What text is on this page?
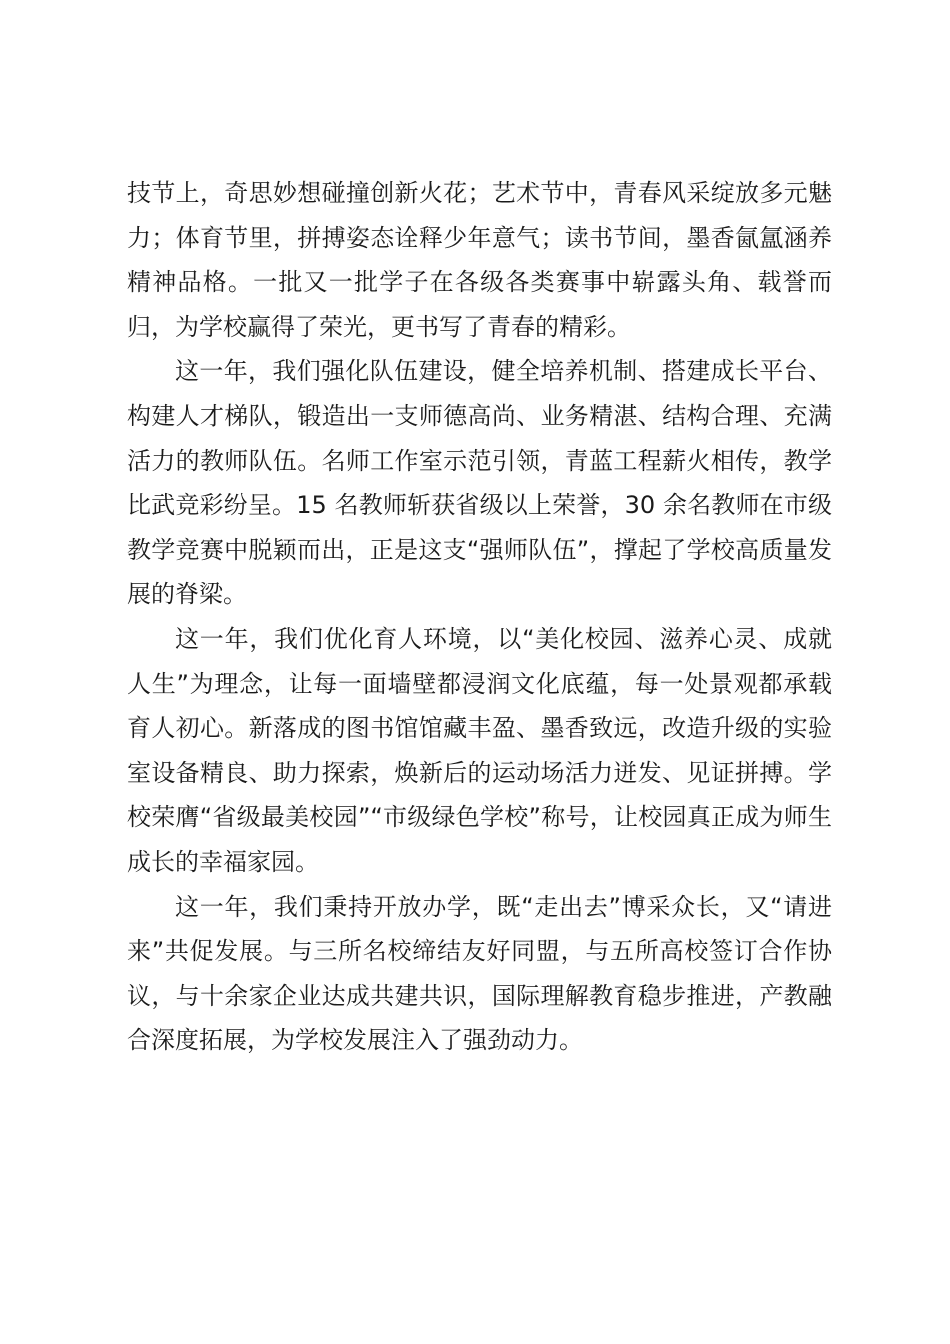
技节上，奇思妙想碰撞创新火花；艺术节中，青春风采绽放多元魅力；体育节里，拼搏姿态诠释少年意气；读书节间，墨香氤氲涵养精神品格。一批又一批学子在各级各类赛事中崭露头角、载誉而归，为学校赢得了荣光，更书写了青春的精彩。

这一年，我们强化队伍建设，健全培养机制、搭建成长平台、构建人才梯队，锻造出一支师德高尚、业务精湛、结构合理、充满活力的教师队伍。名师工作室示范引领，青蓝工程薪火相传，教学比武竞彩纷呈。15 名教师斩获省级以上荣誉，30 余名教师在市级教学竞赛中脱颖而出，正是这支“强师队伍”，撑起了学校高质量发展的脊梁。

这一年，我们优化育人环境，以“美化校园、滋养心灵、成就人生”为理念，让每一面墙壁都浸润文化底蕴，每一处景观都承载育人初心。新落成的图书馆馆藏丰盈、墨香致远，改造升级的实验室设备精良、助力探索，焕新后的运动场活力迸发、见证拼搏。学校荣膺“省级最美校园”“市级绿色学校”称号，让校园真正成为师生成长的幸福家园。

这一年，我们秉持开放办学，既“走出去”博采众长，又“请进来”共促发展。与三所名校缔结友好同盟，与五所高校签订合作协议，与十余家企业达成共建共识，国际理解教育稳步推进，产教融合深度拓展，为学校发展注入了强劲动力。
